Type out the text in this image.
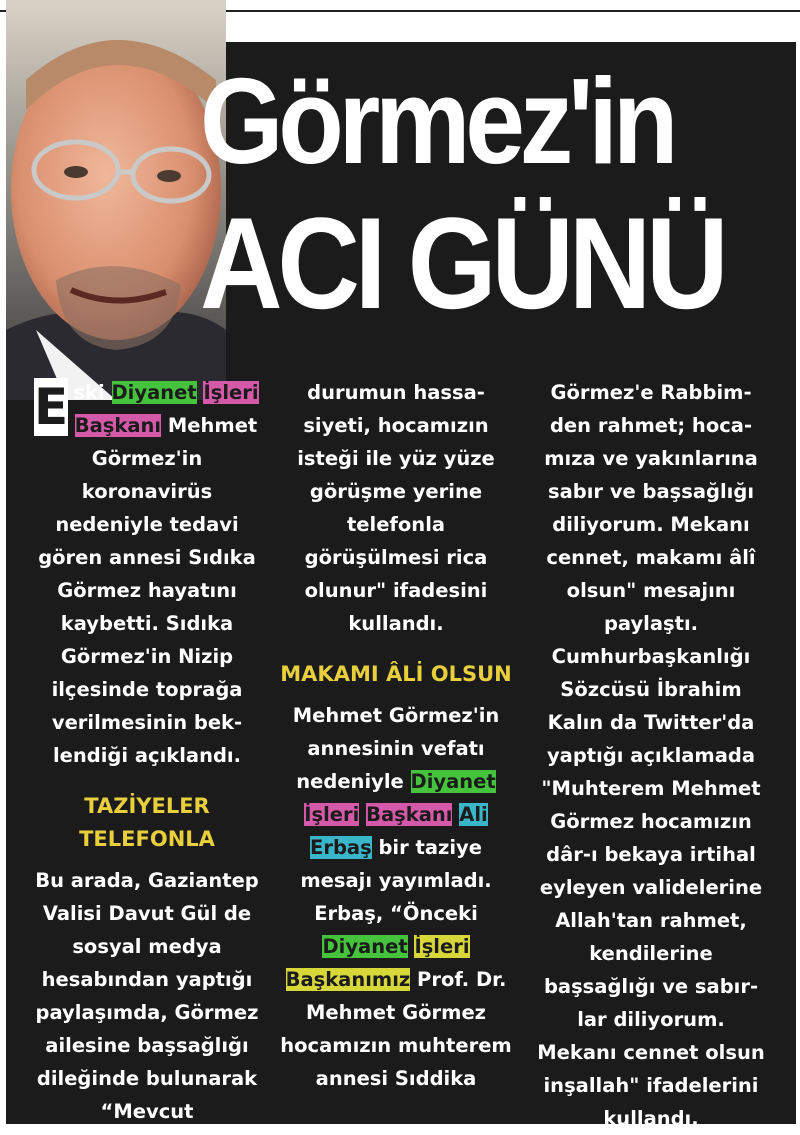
Görmez'in
ACI GÜNÜ

E ski Diyanet İşleri Başkanı Mehmet Görmez'in koronavirüs nedeniyle tedavi gören annesi Sıdıka Görmez hayatını kaybetti. Sıdıka Görmez'in Nizip ilçesinde toprağa verilmesinin beklendiği açıklandı.

TAZİYELER TELEFONLA

Bu arada, Gaziantep Valisi Davut Gül de sosyal medya hesabından yaptığı paylaşımda, Görmez ailesine başsağlığı dileğinde bulunarak “Mevcut

durumun hassasiyeti, hocamızın isteği ile yüz yüze görüşme yerine telefonla görüşülmesi rica olunur" ifadesini kullandı.

MAKAMI ÂLİ OLSUN

Mehmet Görmez'in annesinin vefatı nedeniyle Diyanet İşleri Başkanı Ali Erbaş bir taziye mesajı yayımladı. Erbaş, “Önceki Diyanet İşleri Başkanımız Prof. Dr. Mehmet Görmez hocamızın muhterem annesi Sıddika

Görmez'e Rabbimden rahmet; hocamıza ve yakınlarına sabır ve başsağlığı diliyorum. Mekanı cennet, makamı âlî olsun" mesajını paylaştı.

Cumhurbaşkanlığı Sözcüsü İbrahim Kalın da Twitter'da yaptığı açıklamada "Muhterem Mehmet Görmez hocamızın dâr-ı bekaya irtihal eyleyen validelerine Allah'tan rahmet, kendilerine başsağlığı ve sabırlar diliyorum. Mekanı cennet olsun inşallah" ifadelerini kullandı.
